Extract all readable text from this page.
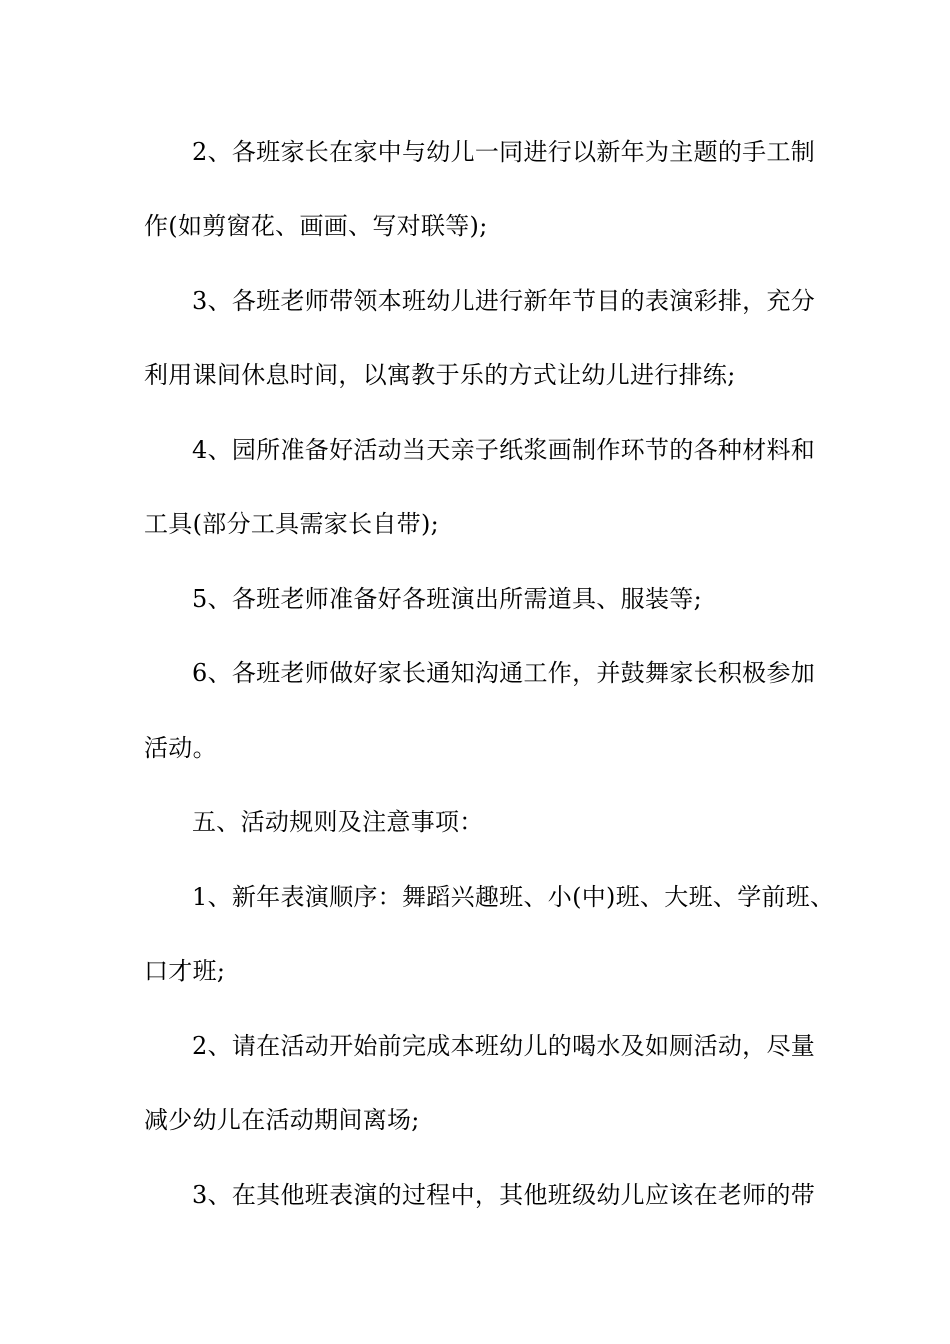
2、各班家长在家中与幼儿一同进行以新年为主题的手工制
作(如剪窗花、画画、写对联等);
3、各班老师带领本班幼儿进行新年节目的表演彩排，充分
利用课间休息时间，以寓教于乐的方式让幼儿进行排练;
4、园所准备好活动当天亲子纸浆画制作环节的各种材料和
工具(部分工具需家长自带);
5、各班老师准备好各班演出所需道具、服装等;
6、各班老师做好家长通知沟通工作，并鼓舞家长积极参加
活动。
五、活动规则及注意事项：
1、新年表演顺序：舞蹈兴趣班、小(中)班、大班、学前班、
口才班;
2、请在活动开始前完成本班幼儿的喝水及如厕活动，尽量
减少幼儿在活动期间离场;
3、在其他班表演的过程中，其他班级幼儿应该在老师的带
